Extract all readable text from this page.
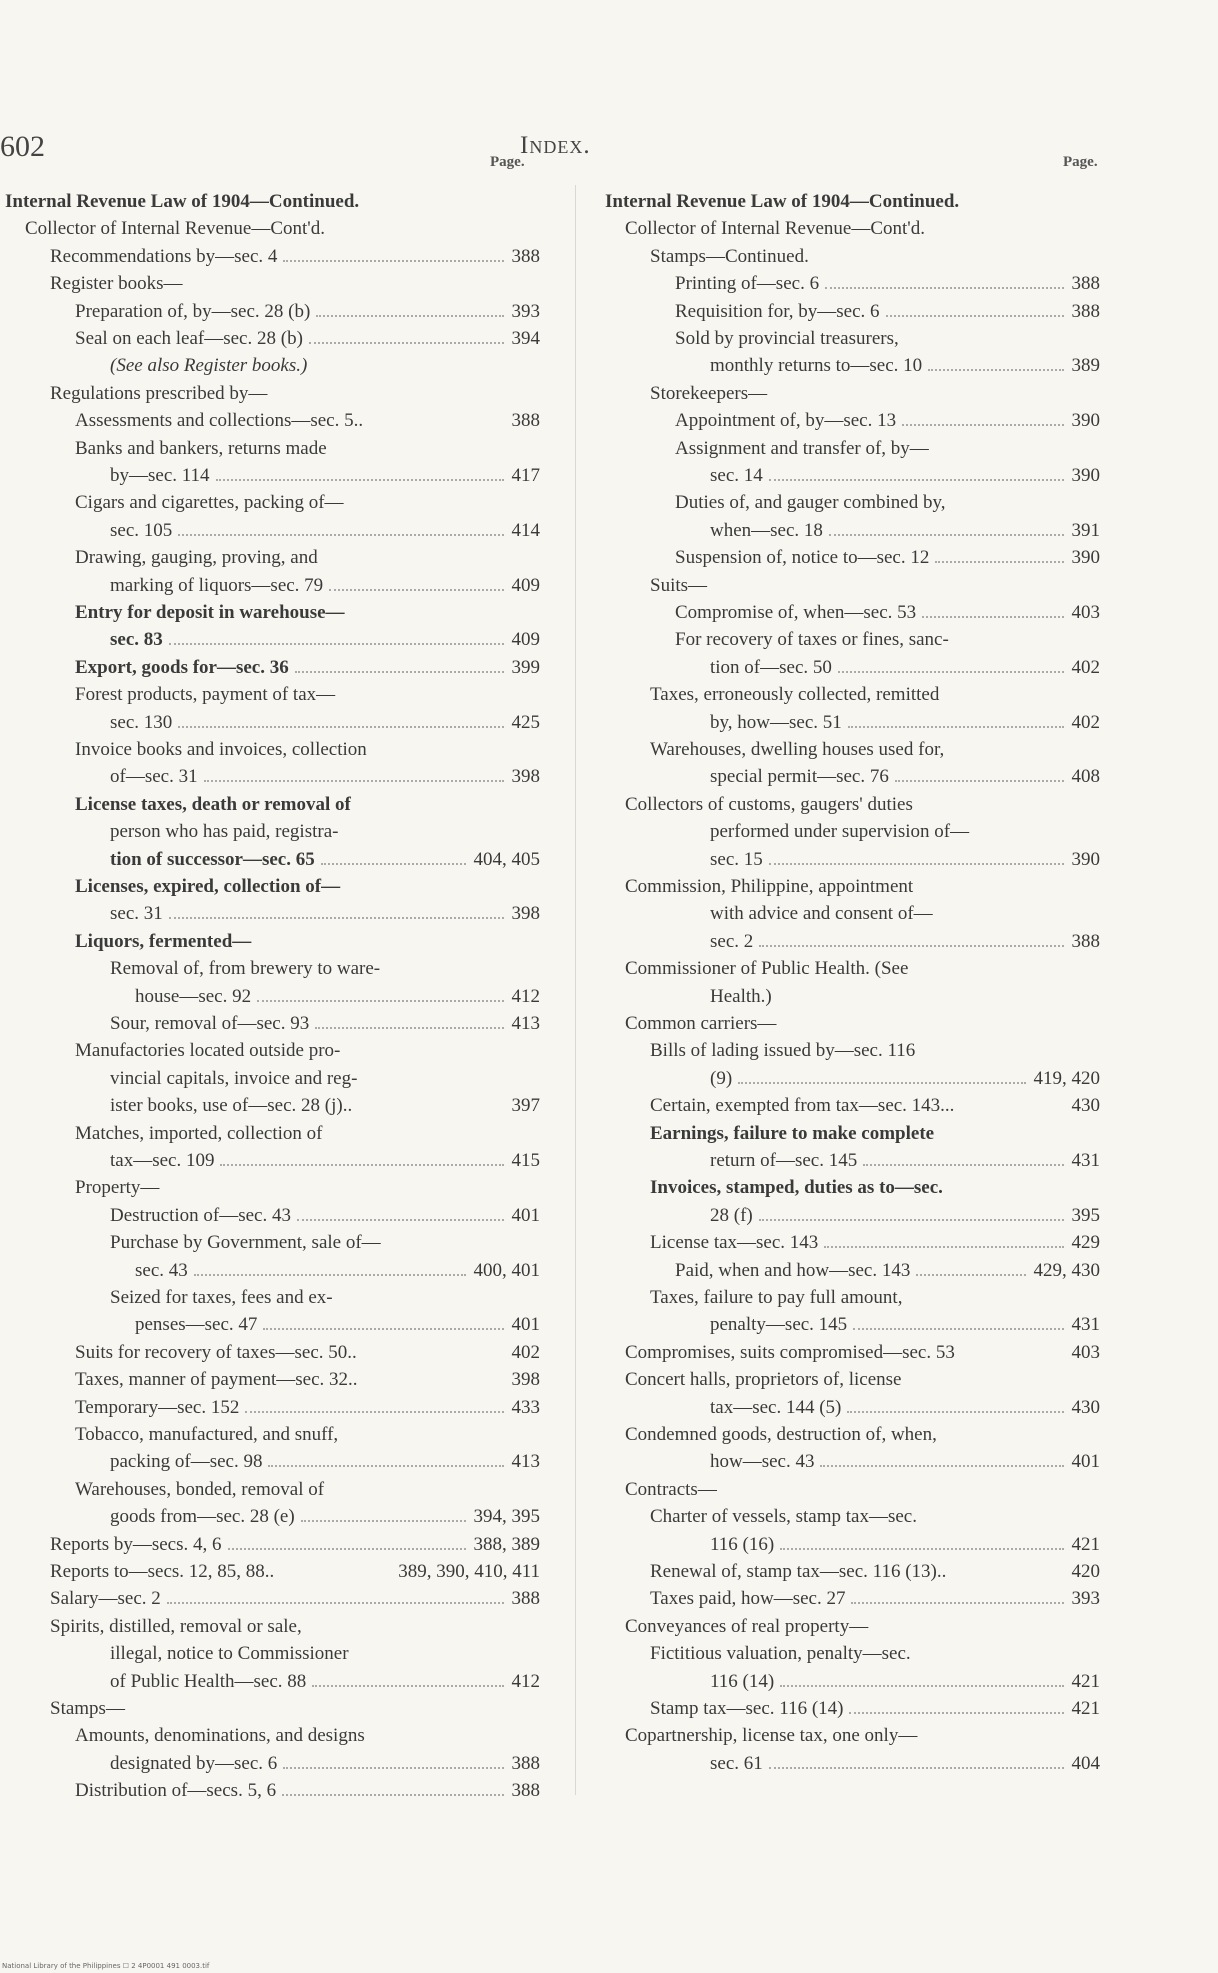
602	Index.
Page.
Internal Revenue Law of 1904—Continued.
Collector of Internal Revenue—Cont'd.
Recommendations by—sec. 4	388
Register books—
Preparation of, by—sec. 28 (b)	393
Seal on each leaf—sec. 28 (b)	394
(See also Register books.)
Regulations prescribed by—
Assessments and collections—sec. 5..	388
Banks and bankers, returns made
by—sec. 114	417
Cigars and cigarettes, packing of—
sec. 105	414
Drawing, gauging, proving, and
marking of liquors—sec. 79	409
Entry for deposit in warehouse—
sec. 83	409
Export, goods for—sec. 36	399
Forest products, payment of tax—
sec. 130	425
Invoice books and invoices, collection
of—sec. 31	398
License taxes, death or removal of
person who has paid, registra-
tion of successor—sec. 65	404, 405
Licenses, expired, collection of—
sec. 31	398
Liquors, fermented—
Removal of, from brewery to ware-
house—sec. 92	412
Sour, removal of—sec. 93	413
Manufactories located outside pro-
vincial capitals, invoice and reg-
ister books, use of—sec. 28 (j)..	397
Matches, imported, collection of
tax—sec. 109	415
Property—
Destruction of—sec. 43	401
Purchase by Government, sale of—
sec. 43	400, 401
Seized for taxes, fees and ex-
penses—sec. 47	401
Suits for recovery of taxes—sec. 50..	402
Taxes, manner of payment—sec. 32..	398
Temporary—sec. 152	433
Tobacco, manufactured, and snuff,
packing of—sec. 98	413
Warehouses, bonded, removal of
goods from—sec. 28 (e)	394, 395
Reports by—secs. 4, 6	388, 389
Reports to—secs. 12, 85, 88..	389, 390, 410, 411
Salary—sec. 2	388
Spirits, distilled, removal or sale,
illegal, notice to Commissioner
of Public Health—sec. 88	412
Stamps—
Amounts, denominations, and designs
designated by—sec. 6	388
Distribution of—secs. 5, 6	388
Page.
Internal Revenue Law of 1904—Continued.
Collector of Internal Revenue—Cont'd.
Stamps—Continued.
Printing of—sec. 6	388
Requisition for, by—sec. 6	388
Sold by provincial treasurers,
monthly returns to—sec. 10	389
Storekeepers—
Appointment of, by—sec. 13	390
Assignment and transfer of, by—
sec. 14	390
Duties of, and gauger combined by,
when—sec. 18	391
Suspension of, notice to—sec. 12	390
Suits—
Compromise of, when—sec. 53	403
For recovery of taxes or fines, sanc-
tion of—sec. 50	402
Taxes, erroneously collected, remitted
by, how—sec. 51	402
Warehouses, dwelling houses used for,
special permit—sec. 76	408
Collectors of customs, gaugers' duties
performed under supervision of—
sec. 15	390
Commission, Philippine, appointment
with advice and consent of—
sec. 2	388
Commissioner of Public Health. (See
Health.)
Common carriers—
Bills of lading issued by—sec. 116
(9)	419, 420
Certain, exempted from tax—sec. 143...	430
Earnings, failure to make complete
return of—sec. 145	431
Invoices, stamped, duties as to—sec.
28 (f)	395
License tax—sec. 143	429
Paid, when and how—sec. 143	429, 430
Taxes, failure to pay full amount,
penalty—sec. 145	431
Compromises, suits compromised—sec. 53	403
Concert halls, proprietors of, license
tax—sec. 144 (5)	430
Condemned goods, destruction of, when,
how—sec. 43	401
Contracts—
Charter of vessels, stamp tax—sec.
116 (16)	421
Renewal of, stamp tax—sec. 116 (13)..	420
Taxes paid, how—sec. 27	393
Conveyances of real property—
Fictitious valuation, penalty—sec.
116 (14)	421
Stamp tax—sec. 116 (14)	421
Copartnership, license tax, one only—
sec. 61	404
National Library of the Philippines ☐ 2 4P0001 491 0003.tif
